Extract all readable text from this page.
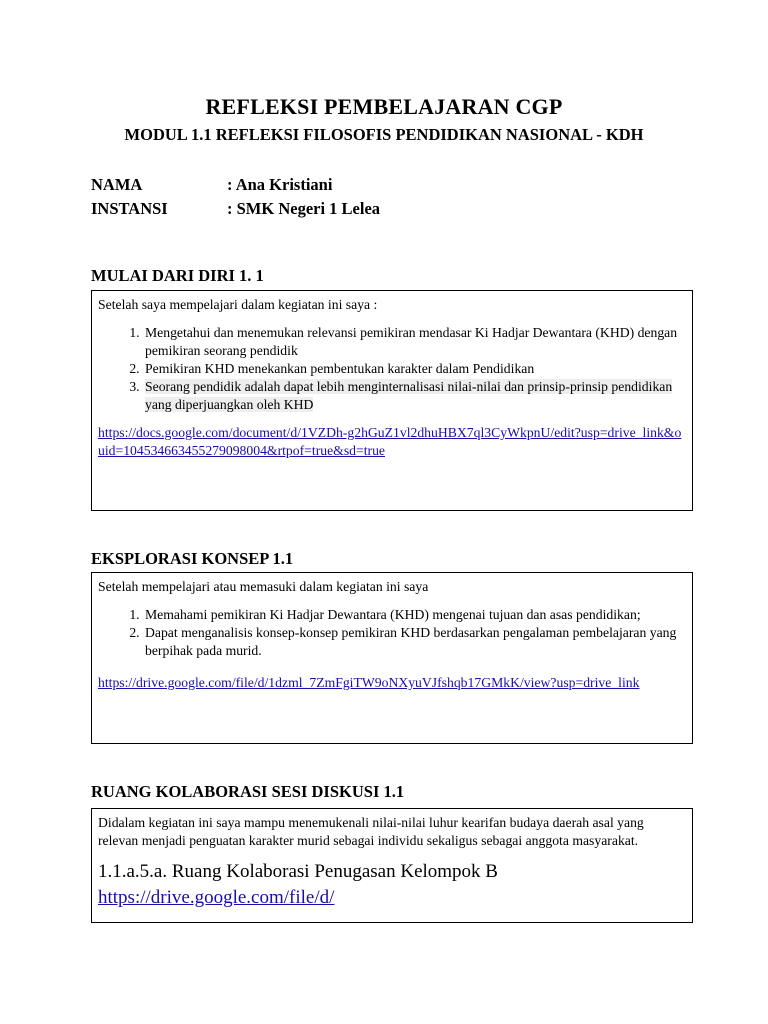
REFLEKSI PEMBELAJARAN CGP
MODUL 1.1 REFLEKSI FILOSOFIS PENDIDIKAN NASIONAL - KDH
NAMA	: Ana Kristiani
INSTANSI	: SMK Negeri 1 Lelea
MULAI DARI DIRI 1. 1

Setelah saya mempelajari dalam kegiatan ini saya :

1. Mengetahui dan menemukan relevansi pemikiran mendasar Ki Hadjar Dewantara (KHD) dengan pemikiran seorang pendidik
2. Pemikiran KHD menekankan pembentukan karakter dalam Pendidikan
3. Seorang pendidik adalah dapat lebih menginternalisasi nilai-nilai dan prinsip-prinsip pendidikan yang diperjuangkan oleh KHD
https://docs.google.com/document/d/1VZDh-g2hGuZ1vl2dhuHBX7ql3CyWkpnU/edit?usp=drive_link&ouid=104534663455279098004&rtpof=true&sd=true
EKSPLORASI KONSEP 1.1

Setelah mempelajari atau memasuki dalam kegiatan ini saya

1. Memahami pemikiran Ki Hadjar Dewantara (KHD) mengenai tujuan dan asas pendidikan;
2. Dapat menganalisis konsep-konsep pemikiran KHD berdasarkan pengalaman pembelajaran yang berpihak pada murid.
https://drive.google.com/file/d/1dzml_7ZmFgiTW9oNXyuVJfshqb17GMkK/view?usp=drive_link
RUANG KOLABORASI SESI DISKUSI 1.1

Didalam kegiatan ini saya mampu menemukenali nilai-nilai luhur kearifan budaya daerah asal yang relevan menjadi penguatan karakter murid sebagai individu sekaligus sebagai anggota masyarakat.

1.1.a.5.a. Ruang Kolaborasi Penugasan Kelompok B
https://drive.google.com/file/d/
